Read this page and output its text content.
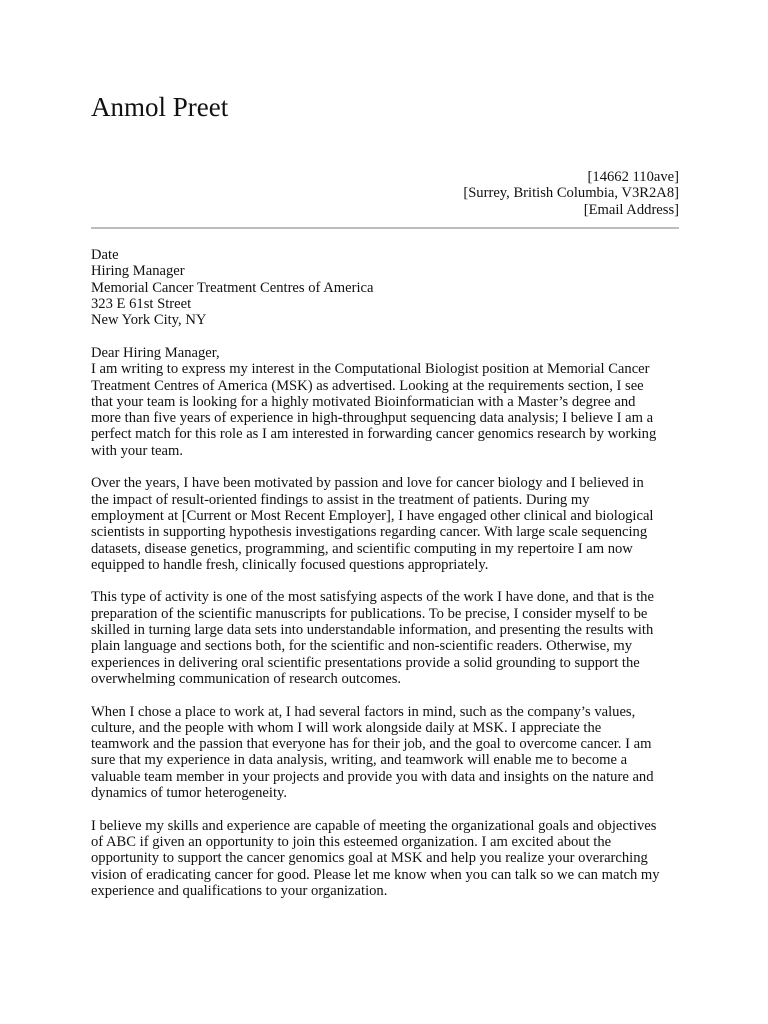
Anmol Preet
[14662 110ave]
[Surrey, British Columbia, V3R2A8]
[Email Address]
Date
Hiring Manager
Memorial Cancer Treatment Centres of America
323 E 61st Street
New York City, NY
Dear Hiring Manager,
I am writing to express my interest in the Computational Biologist position at Memorial Cancer
Treatment Centres of America (MSK) as advertised. Looking at the requirements section, I see
that your team is looking for a highly motivated Bioinformatician with a Master’s degree and
more than five years of experience in high-throughput sequencing data analysis; I believe I am a
perfect match for this role as I am interested in forwarding cancer genomics research by working
with your team.
Over the years, I have been motivated by passion and love for cancer biology and I believed in
the impact of result-oriented findings to assist in the treatment of patients. During my
employment at [Current or Most Recent Employer], I have engaged other clinical and biological
scientists in supporting hypothesis investigations regarding cancer. With large scale sequencing
datasets, disease genetics, programming, and scientific computing in my repertoire I am now
equipped to handle fresh, clinically focused questions appropriately.
This type of activity is one of the most satisfying aspects of the work I have done, and that is the
preparation of the scientific manuscripts for publications. To be precise, I consider myself to be
skilled in turning large data sets into understandable information, and presenting the results with
plain language and sections both, for the scientific and non-scientific readers. Otherwise, my
experiences in delivering oral scientific presentations provide a solid grounding to support the
overwhelming communication of research outcomes.
When I chose a place to work at, I had several factors in mind, such as the company’s values,
culture, and the people with whom I will work alongside daily at MSK. I appreciate the
teamwork and the passion that everyone has for their job, and the goal to overcome cancer. I am
sure that my experience in data analysis, writing, and teamwork will enable me to become a
valuable team member in your projects and provide you with data and insights on the nature and
dynamics of tumor heterogeneity.
I believe my skills and experience are capable of meeting the organizational goals and objectives
of ABC if given an opportunity to join this esteemed organization. I am excited about the
opportunity to support the cancer genomics goal at MSK and help you realize your overarching
vision of eradicating cancer for good. Please let me know when you can talk so we can match my
experience and qualifications to your organization.
